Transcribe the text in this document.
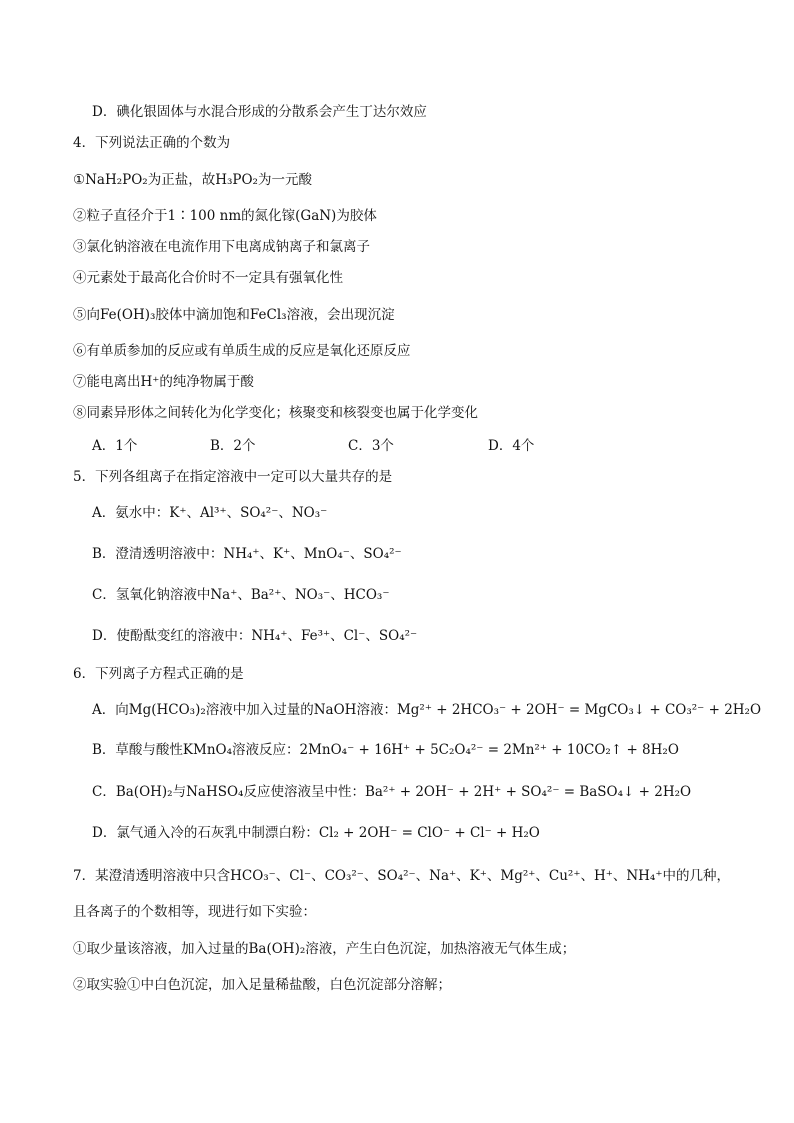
D．碘化银固体与水混合形成的分散系会产生丁达尔效应
4．下列说法正确的个数为
①NaH₂PO₂为正盐，故H₃PO₂为一元酸
②粒子直径介于1∶100 nm的氮化镓(GaN)为胶体
③氯化钠溶液在电流作用下电离成钠离子和氯离子
④元素处于最高化合价时不一定具有强氧化性
⑤向Fe(OH)₃胶体中滴加饱和FeCl₃溶液，会出现沉淀
⑥有单质参加的反应或有单质生成的反应是氧化还原反应
⑦能电离出H⁺的纯净物属于酸
⑧同素异形体之间转化为化学变化；核聚变和核裂变也属于化学变化
A．1个	B．2个	C．3个	D．4个
5．下列各组离子在指定溶液中一定可以大量共存的是
A．氨水中：K⁺、Al³⁺、SO₄²⁻、NO₃⁻
B．澄清透明溶液中：NH₄⁺、K⁺、MnO₄⁻、SO₄²⁻
C．氢氧化钠溶液中Na⁺、Ba²⁺、NO₃⁻、HCO₃⁻
D．使酚酞变红的溶液中：NH₄⁺、Fe³⁺、Cl⁻、SO₄²⁻
6．下列离子方程式正确的是
A．向Mg(HCO₃)₂溶液中加入过量的NaOH溶液：Mg²⁺ + 2HCO₃⁻ + 2OH⁻ = MgCO₃↓ + CO₃²⁻ + 2H₂O
B．草酸与酸性KMnO₄溶液反应：2MnO₄⁻ + 16H⁺ + 5C₂O₄²⁻ = 2Mn²⁺ + 10CO₂↑ + 8H₂O
C．Ba(OH)₂与NaHSO₄反应使溶液呈中性：Ba²⁺ + 2OH⁻ + 2H⁺ + SO₄²⁻ = BaSO₄↓ + 2H₂O
D．氯气通入冷的石灰乳中制漂白粉：Cl₂ + 2OH⁻ = ClO⁻ + Cl⁻ + H₂O
7．某澄清透明溶液中只含HCO₃⁻、Cl⁻、CO₃²⁻、SO₄²⁻、Na⁺、K⁺、Mg²⁺、Cu²⁺、H⁺、NH₄⁺中的几种，
且各离子的个数相等，现进行如下实验：
①取少量该溶液，加入过量的Ba(OH)₂溶液，产生白色沉淀，加热溶液无气体生成；
②取实验①中白色沉淀，加入足量稀盐酸，白色沉淀部分溶解；
